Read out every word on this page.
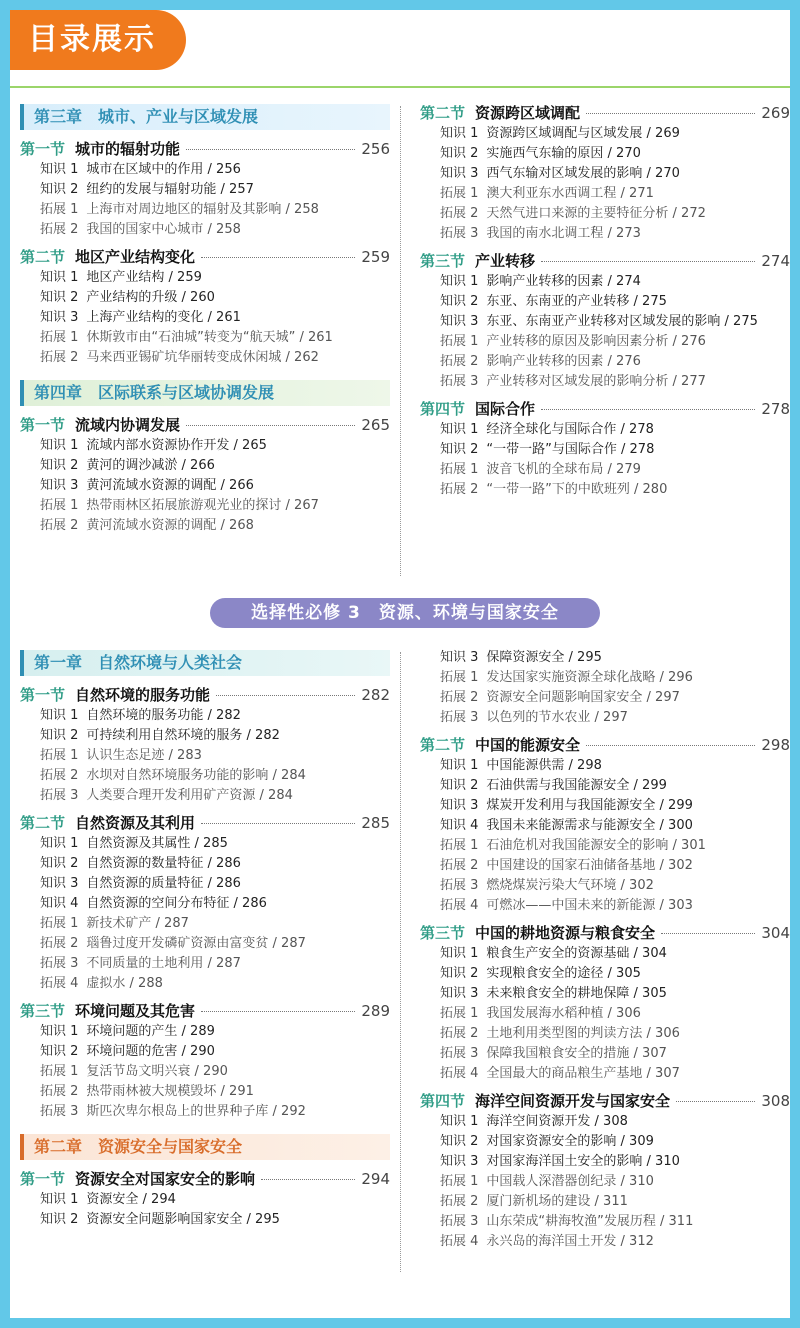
目录展示
第三章　城市、产业与区域发展
第一节 城市的辐射功能	256
知识 1 城市在区域中的作用 / 256
知识 2 纽约的发展与辐射功能 / 257
拓展 1 上海市对周边地区的辐射及其影响 / 258
拓展 2 我国的国家中心城市 / 258
第二节 地区产业结构变化	259
知识 1 地区产业结构 / 259
知识 2 产业结构的升级 / 260
知识 3 上海产业结构的变化 / 261
拓展 1 休斯敦市由“石油城”转变为“航天城” / 261
拓展 2 马来西亚锡矿坑华丽转变成休闲城 / 262
第四章　区际联系与区域协调发展
第一节 流域内协调发展	265
知识 1 流域内部水资源协作开发 / 265
知识 2 黄河的调沙减淤 / 266
知识 3 黄河流域水资源的调配 / 266
拓展 1 热带雨林区拓展旅游观光业的探讨 / 267
拓展 2 黄河流域水资源的调配 / 268
第二节 资源跨区域调配	269
知识 1 资源跨区域调配与区域发展 / 269
知识 2 实施西气东输的原因 / 270
知识 3 西气东输对区域发展的影响 / 270
拓展 1 澳大利亚东水西调工程 / 271
拓展 2 天然气进口来源的主要特征分析 / 272
拓展 3 我国的南水北调工程 / 273
第三节 产业转移	274
知识 1 影响产业转移的因素 / 274
知识 2 东亚、东南亚的产业转移 / 275
知识 3 东亚、东南亚产业转移对区域发展的影响 / 275
拓展 1 产业转移的原因及影响因素分析 / 276
拓展 2 影响产业转移的因素 / 276
拓展 3 产业转移对区域发展的影响分析 / 277
第四节 国际合作	278
知识 1 经济全球化与国际合作 / 278
知识 2 “一带一路”与国际合作 / 278
拓展 1 波音飞机的全球布局 / 279
拓展 2 “一带一路”下的中欧班列 / 280
选择性必修 3　资源、环境与国家安全
第一章　自然环境与人类社会
第一节 自然环境的服务功能	282
知识 1 自然环境的服务功能 / 282
知识 2 可持续利用自然环境的服务 / 282
拓展 1 认识生态足迹 / 283
拓展 2 水坝对自然环境服务功能的影响 / 284
拓展 3 人类要合理开发利用矿产资源 / 284
第二节 自然资源及其利用	285
知识 1 自然资源及其属性 / 285
知识 2 自然资源的数量特征 / 286
知识 3 自然资源的质量特征 / 286
知识 4 自然资源的空间分布特征 / 286
拓展 1 新技术矿产 / 287
拓展 2 瑙鲁过度开发磷矿资源由富变贫 / 287
拓展 3 不同质量的土地利用 / 287
拓展 4 虚拟水 / 288
第三节 环境问题及其危害	289
知识 1 环境问题的产生 / 289
知识 2 环境问题的危害 / 290
拓展 1 复活节岛文明兴衰 / 290
拓展 2 热带雨林被大规模毁坏 / 291
拓展 3 斯匹次卑尔根岛上的世界种子库 / 292
第二章　资源安全与国家安全
第一节 资源安全对国家安全的影响	294
知识 1 资源安全 / 294
知识 2 资源安全问题影响国家安全 / 295
知识 3 保障资源安全 / 295
拓展 1 发达国家实施资源全球化战略 / 296
拓展 2 资源安全问题影响国家安全 / 297
拓展 3 以色列的节水农业 / 297
第二节 中国的能源安全	298
知识 1 中国能源供需 / 298
知识 2 石油供需与我国能源安全 / 299
知识 3 煤炭开发利用与我国能源安全 / 299
知识 4 我国未来能源需求与能源安全 / 300
拓展 1 石油危机对我国能源安全的影响 / 301
拓展 2 中国建设的国家石油储备基地 / 302
拓展 3 燃烧煤炭污染大气环境 / 302
拓展 4 可燃冰——中国未来的新能源 / 303
第三节 中国的耕地资源与粮食安全	304
知识 1 粮食生产安全的资源基础 / 304
知识 2 实现粮食安全的途径 / 305
知识 3 未来粮食安全的耕地保障 / 305
拓展 1 我国发展海水稻种植 / 306
拓展 2 土地利用类型图的判读方法 / 306
拓展 3 保障我国粮食安全的措施 / 307
拓展 4 全国最大的商品粮生产基地 / 307
第四节 海洋空间资源开发与国家安全	308
知识 1 海洋空间资源开发 / 308
知识 2 对国家资源安全的影响 / 309
知识 3 对国家海洋国土安全的影响 / 310
拓展 1 中国载人深潜器创纪录 / 310
拓展 2 厦门新机场的建设 / 311
拓展 3 山东荣成“耕海牧渔”发展历程 / 311
拓展 4 永兴岛的海洋国土开发 / 312
